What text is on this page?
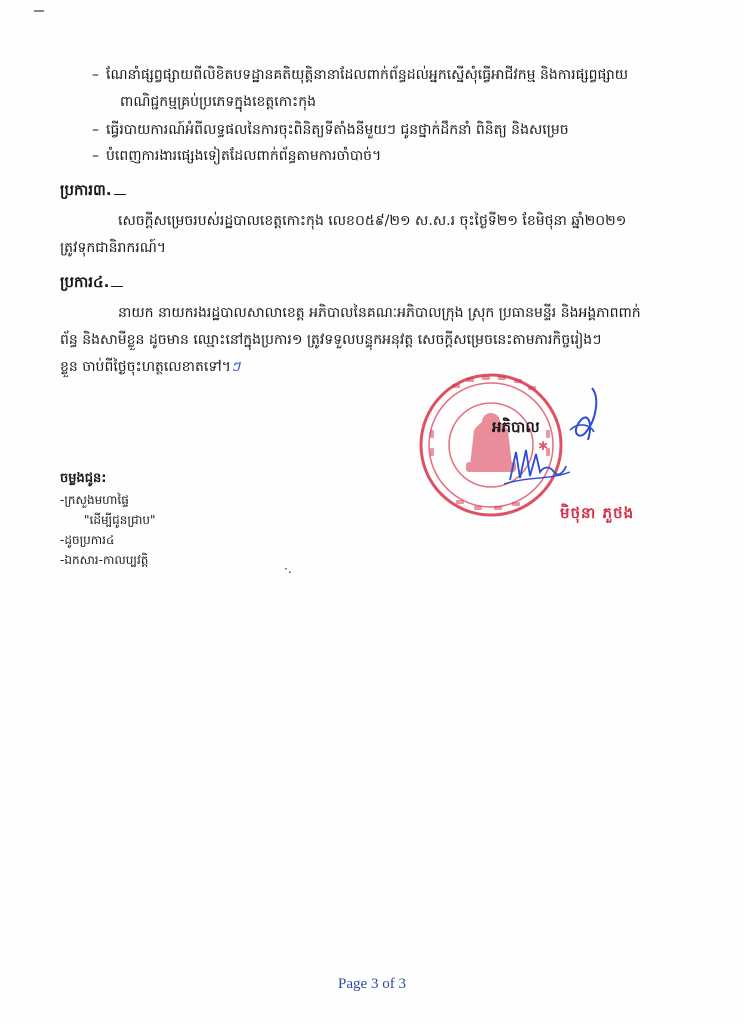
– ណែនាំផ្សព្វផ្សាយពីលិខិតបទដ្ឋានគតិយុត្តិនានាដែលពាក់ព័ន្ធដល់អ្នកស្នើសុំធ្វើអាជីវកម្ម និងការផ្សព្វផ្សាយ
ពាណិជ្ជកម្មគ្រប់ប្រភេទក្នុងខេត្តកោះកុង
– ធ្វើរបាយការណ៍អំពីលទ្ធផលនៃការចុះពិនិត្យទីតាំងនីមួយៗ ជូនថ្នាក់ដឹកនាំ ពិនិត្យ និងសម្រេច
– បំពេញការងារផ្សេងទៀតដែលពាក់ព័ន្ធតាមការចាំបាច់។
ប្រការ៣.
សេចក្តីសម្រេចរបស់រដ្ឋបាលខេត្តកោះកុង លេខ០៥៩/២១ ស.ស.រ ចុះថ្ងៃទី២១ ខែមិថុនា ឆ្នាំ២០២១
ត្រូវទុកជានិរាករណ៍។
ប្រការ៤.
នាយក នាយករងរដ្ឋបាលសាលាខេត្ត អភិបាលនៃគណៈអភិបាលក្រុង ស្រុក ប្រធានមន្ទីរ និងអង្គភាពពាក់
ព័ន្ធ និងសាមីខ្លួន ដូចមាន ឈ្មោះនៅក្នុងប្រការ១ ត្រូវទទួលបន្ទុកអនុវត្ត សេចក្តីសម្រេចនេះតាមភារកិច្ចរៀងៗ
ខ្លួន ចាប់ពីថ្ងៃចុះហត្ថលេខាតទៅ។ៗ
✱
អភិបាល
មិថុនា ភួថង
ចម្លងជូន:
-ក្រសួងមហាផ្ទៃ
"ដើម្បីជូនជ្រាប"
-ដូចប្រការ៤
-ឯកសារ-កាលប្បវត្តិ
·.
Page 3 of 3
